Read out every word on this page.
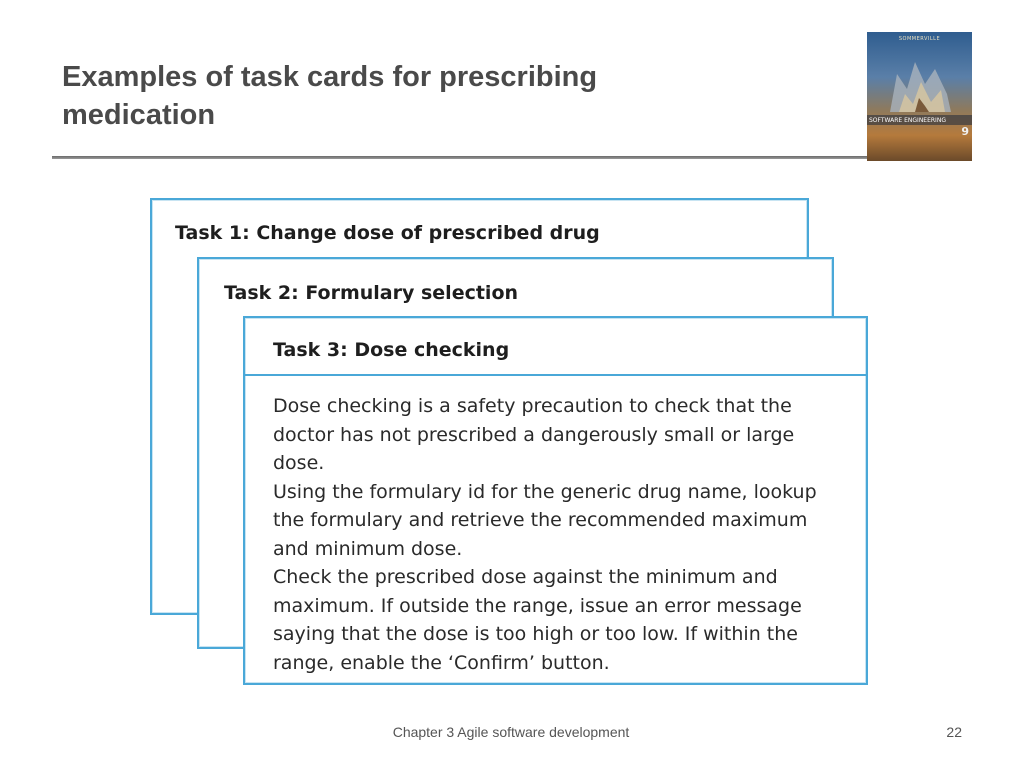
Examples of task cards for prescribing
medication
SOMMERVILLE
SOFTWARE ENGINEERING
9
Task 1: Change dose of prescribed drug
Task 2: Formulary selection
Task 3: Dose checking

Dose checking is a safety precaution to check that the doctor has not prescribed a dangerously small or large dose.

Using the formulary id for the generic drug name, lookup the formulary and retrieve the recommended maximum and minimum dose.

Check the prescribed dose against the minimum and maximum. If outside the range, issue an error message saying that the dose is too high or too low. If within the range, enable the ‘Confirm’ button.

Chapter 3 Agile software development	22
